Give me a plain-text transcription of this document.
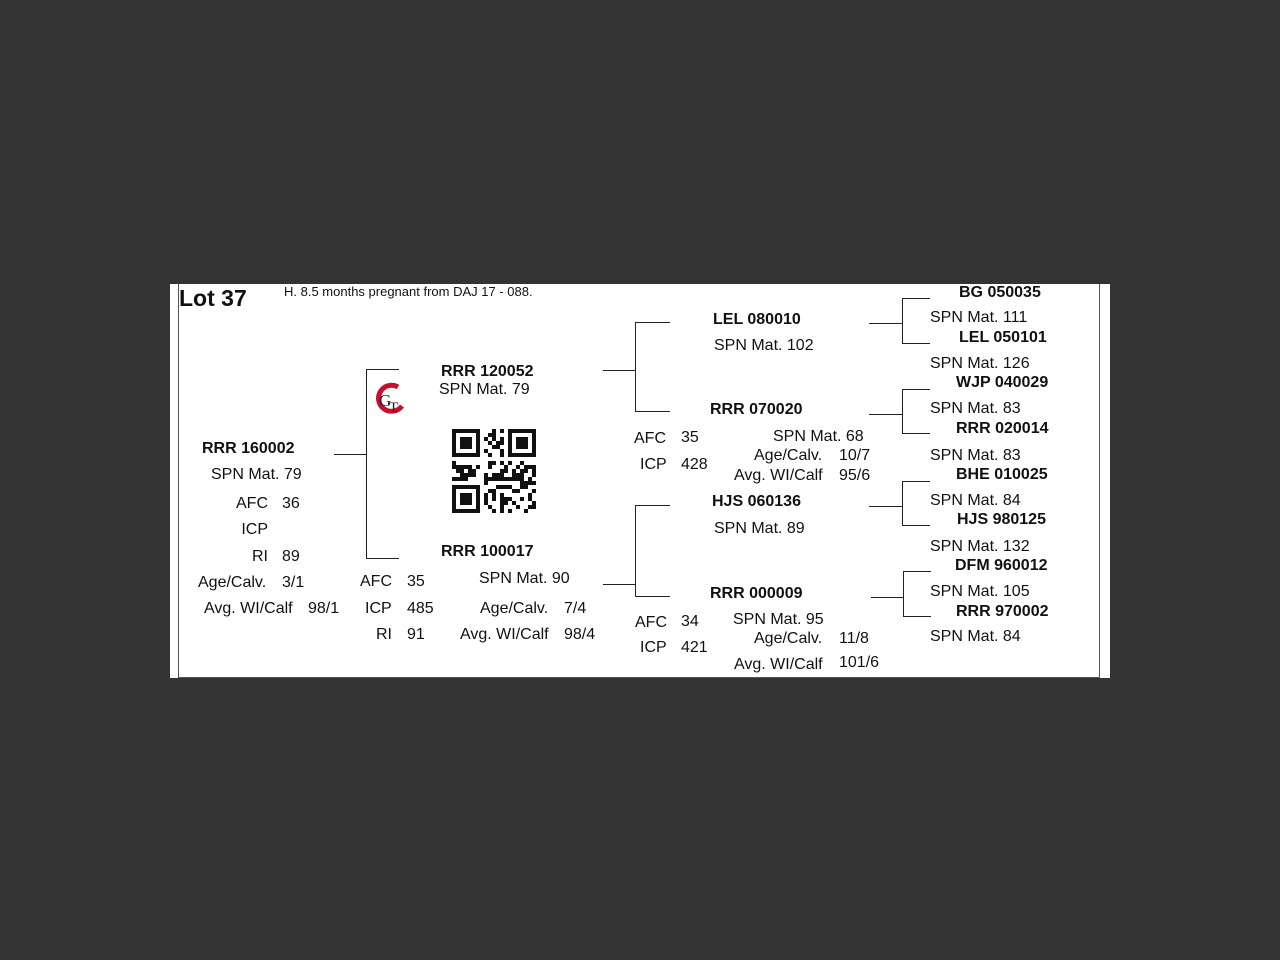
Lot 37	H. 8.5 months pregnant from DAJ 17 - 088.
RRR 160002
SPN Mat. 79
AFC 36
ICP
RI 89
Age/Calv. 3/1
Avg. WI/Calf 98/1
G
T
RRR 120052
SPN Mat. 79
RRR 100017
SPN Mat. 90
AFC 35
ICP 485
RI 91
Age/Calv. 7/4
Avg. WI/Calf 98/4
LEL 080010
SPN Mat. 102
RRR 070020
SPN Mat. 68
AFC 35
ICP 428
Age/Calv. 10/7
Avg. WI/Calf 95/6
HJS 060136
SPN Mat. 89
RRR 000009
SPN Mat. 95
AFC 34
ICP 421
Age/Calv. 11/8
Avg. WI/Calf 101/6
BG 050035
SPN Mat. 111
LEL 050101
SPN Mat. 126
WJP 040029
SPN Mat. 83
RRR 020014
SPN Mat. 83
BHE 010025
SPN Mat. 84
HJS 980125
SPN Mat. 132
DFM 960012
SPN Mat. 105
RRR 970002
SPN Mat. 84
